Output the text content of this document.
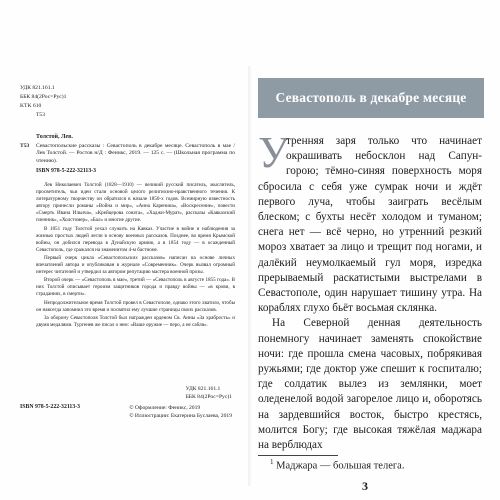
УДК 821.161.1
ББК 84(2Рос=Рус)1
KTK 610
Т53
Толстой, Лев.
Т53 Севастопольские рассказы : Севастополь в декабре месяце. Севастополь в мае / Лев Толстой. — Ростов н/Д : Феникс, 2019. — 125 с. — (Школьная программа по чтению).
ISBN 978-5-222-32113-3

Лев Николаевич Толстой (1828—1910) — великий русский писатель, мыслитель, просветитель, чьи идеи стали основой целого религиозно-нравственного течения. К литературному творчеству он обратился в начале 1850-х годов. Всемирную известность автору принесли романы «Война и мир», «Анна Каренина», «Воскресение», повести «Смерть Ивана Ильича», «Крейцерова соната», «Хаджи-Мурат», рассказы «Кавказский пленник», «Холстомер», «Бал» и многие другие.

В 1851 году Толстой уехал служить на Кавказ. Участие в войне и наблюдения за жизнью простых людей легли в основу военных рассказов. Позднее, во время Крымской войны, он добился перевода в Дунайскую армию, а в 1854 году — в осажденный Севастополь, где сражался на знаменитом 4-м бастионе.

Первый очерк цикла «Севастопольских рассказов» написан на основе личных впечатлений автора и опубликован в журнале «Современник». Очерк вызвал огромный интерес читателей и утвердил за автором репутацию мастера военной прозы.

Второй очерк — «Севастополь в мае», третий — «Севастополь в августе 1855 года». В них Толстой описывает героизм защитников города и правду войны — «в крови, в страданиях, в смерти».

Непродолжительное время Толстой провел в Севастополе, однако этого хватило, чтобы он навсегда запомнил это время и посвятил ему лучшие страницы своих рассказов.

За оборону Севастополя Толстой был награжден орденом Св. Анны «За храбрость» и двумя медалями. Тургенев же писал о нем: «Ваше оружие — перо, а не сабля».

УДК 821.161.1
ББК 84(2Рос=Рус)1
ISBN 978-5-222-32113-3	© Оформление: Феникс, 2019
© Иллюстрации: Екатерина Буслаева, 2019
Севастополь в декабре месяце
У
тренняя заря только что начинает окрашивать небосклон над Сапун-горою; тёмно-синяя поверхность моря сбросила с себя уже сумрак ночи и ждёт первого луча, чтобы заиграть весёлым блеском; с бухты несёт холодом и туманом; снега нет — всё черно, но утренний резкий мороз хватает за лицо и трещит под ногами, и далёкий неумолкаемый гул моря, изредка прерываемый раскатистыми выстрелами в Севастополе, один нарушает тишину утра. На кораблях глухо бьёт восьмая склянка.
На Северной денная деятельность понемногу начинает заменять спокойствие ночи: где прошла смена часовых, побрякивая ружьями; где доктор уже спешит к госпиталю; где солдатик вылез из землянки, моет оледенелой водой загорелое лицо и, оборотясь на зардевшийся восток, быстро крестясь, молится Богу; где высокая тяжёлая маджара на верблюдах
$^1$ Маджара — большая телега.
3
